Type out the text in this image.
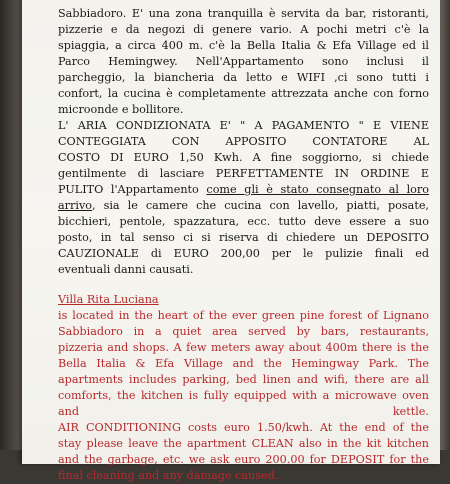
Sabbiadoro. E' una zona tranquilla è servita da bar, ristoranti,
pizzerie e da negozi di genere vario. A pochi metri c'è la
spiaggia, a circa 400 m. c'è la Bella Italia & Efa Village ed il
Parco Hemingwey. Nell'Appartamento sono inclusi il
parcheggio, la biancheria da letto e WIFI ,ci sono tutti i
confort, la cucina è completamente attrezzata anche con forno
microonde e bollitore.
L' ARIA CONDIZIONATA E' " A PAGAMENTO " E VIENE
CONTEGGIATA CON APPOSITO CONTATORE AL
COSTO DI EURO 1,50 Kwh. A fine soggiorno, si chiede
gentilmente di lasciare PERFETTAMENTE IN ORDINE E
PULITO l'Appartamento come gli è stato consegnato al loro
arrivo, sia le camere che cucina con lavello, piatti, posate,
bicchieri, pentole, spazzatura, ecc. tutto deve essere a suo
posto, in tal senso ci si riserva di chiedere un DEPOSITO
CAUZIONALE di EURO 200,00 per le pulizie finali ed
eventuali danni causati.
Villa Rita Luciana
is located in the heart of the ever green pine forest of Lignano
Sabbiadoro in a quiet area served by bars, restaurants,
pizzeria and shops. A few meters away about 400m there is the
Bella Italia & Efa Village and the Hemingway Park. The
apartments includes parking, bed linen and wifi, there are all
comforts, the kitchen is fully equipped with a microwave oven
and kettle.
AIR CONDITIONING costs euro 1.50/kwh. At the end of the
stay please leave the apartment CLEAN also in the kit kitchen
and the garbage, etc. we ask euro 200.00 for DEPOSIT for the
final cleaning and any damage caused.
